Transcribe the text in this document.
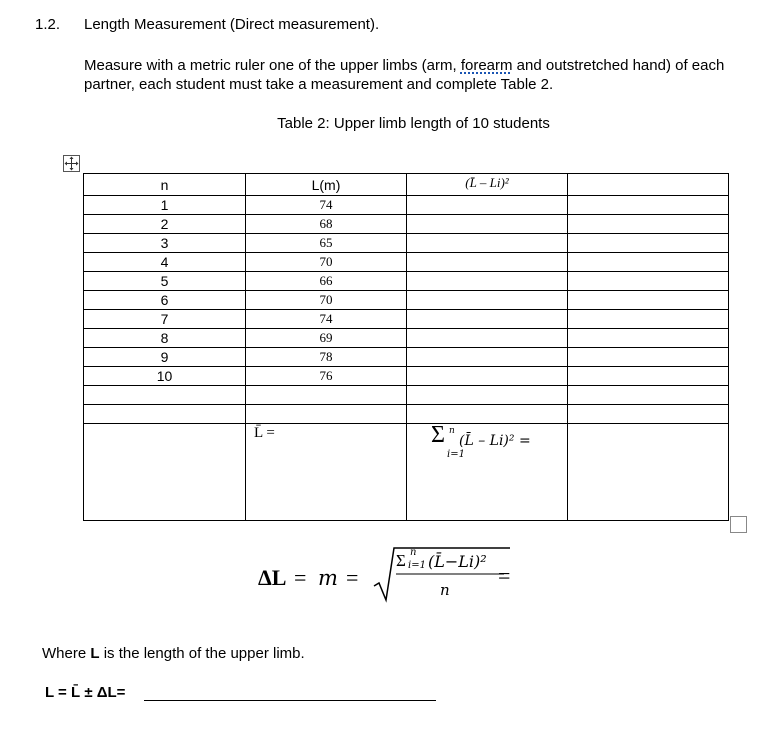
1.2. Length Measurement (Direct measurement).
Measure with a metric ruler one of the upper limbs (arm, forearm and outstretched hand) of each partner, each student must take a measurement and complete Table 2.
Table 2: Upper limb length of 10 students
n	L(m)	(L̄ – Li)²	
1	74		
2	68		
3	65		
4	70		
5	66		
6	70		
7	74		
8	69		
9	78		
10	76		

	L̄ =	Σ n
i=1
(L̄ – Li)² =	

ΔL = m =
Σ n
i=1 (L̄−Li)²
n
=
Where L is the length of the upper limb.
L = L̄ ± ΔL=
